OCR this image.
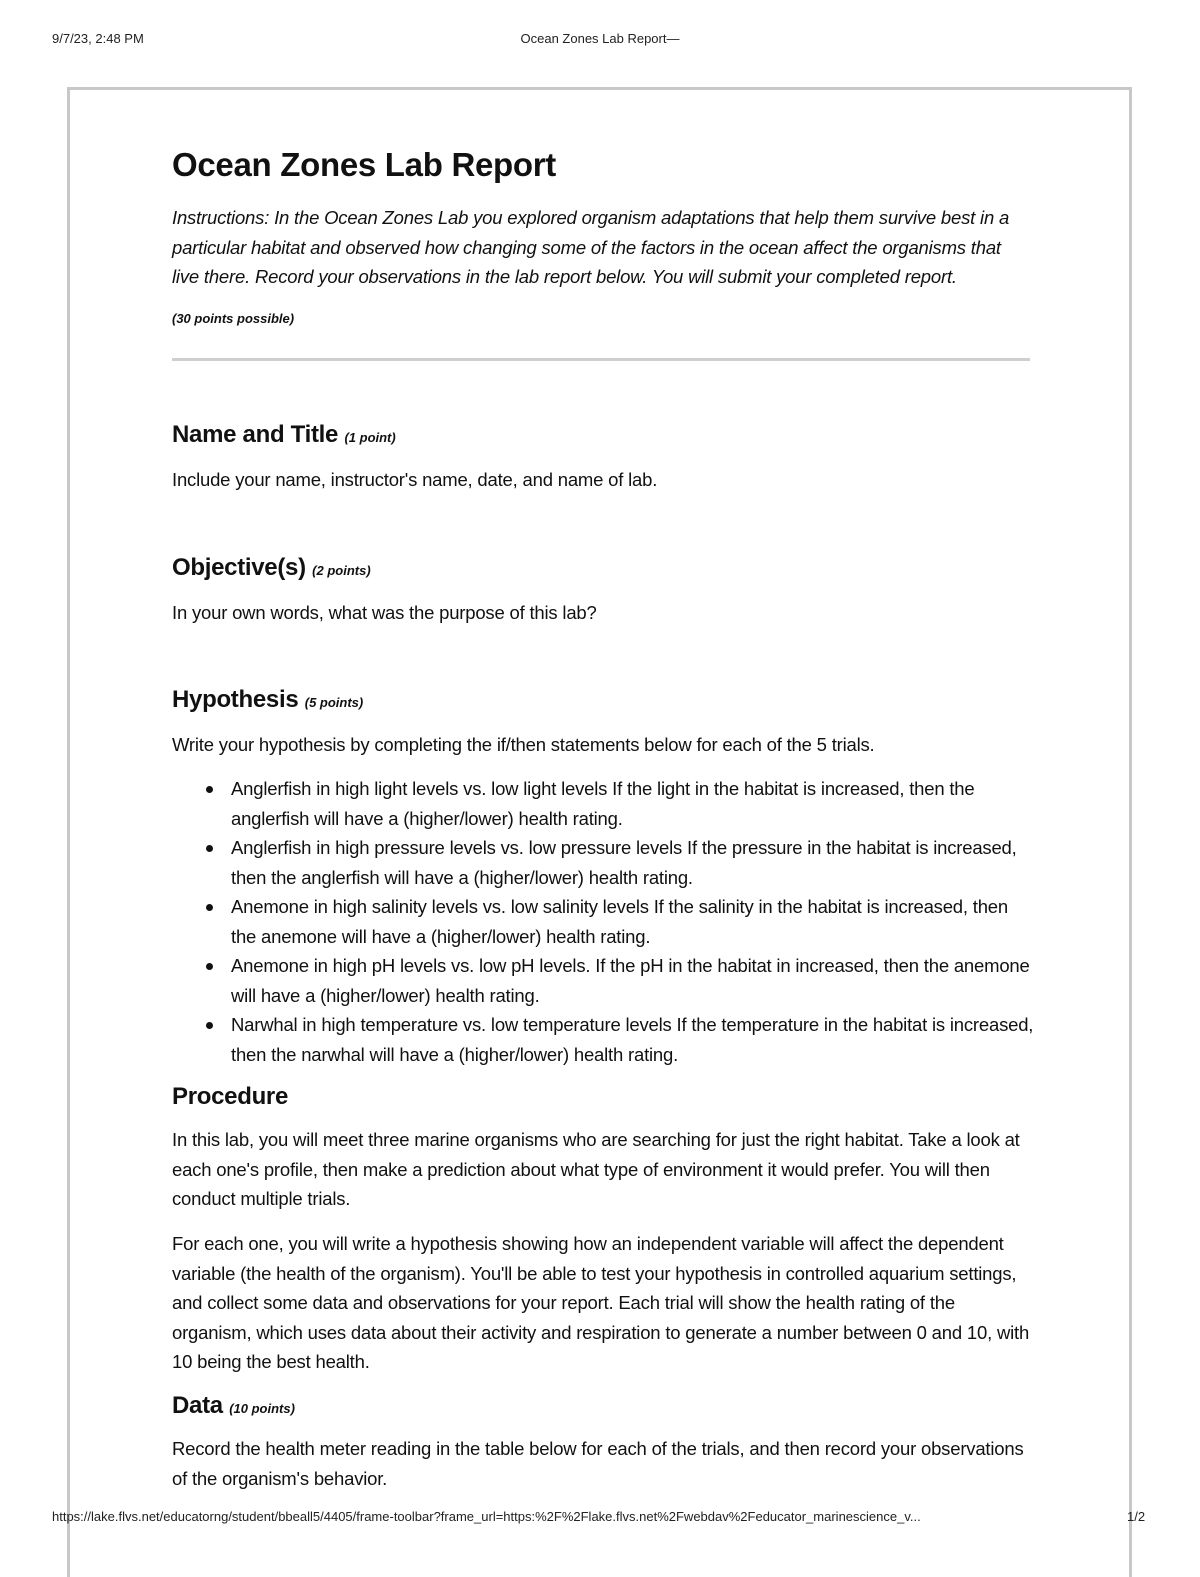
9/7/23, 2:48 PM	Ocean Zones Lab Report—
Ocean Zones Lab Report

Instructions: In the Ocean Zones Lab you explored organism adaptations that help them survive best in a particular habitat and observed how changing some of the factors in the ocean affect the organisms that live there. Record your observations in the lab report below. You will submit your completed report.

(30 points possible)

Name and Title (1 point)

Include your name, instructor's name, date, and name of lab.

Objective(s) (2 points)

In your own words, what was the purpose of this lab?

Hypothesis (5 points)

Write your hypothesis by completing the if/then statements below for each of the 5 trials.

Anglerfish in high light levels vs. low light levels If the light in the habitat is increased, then the anglerfish will have a (higher/lower) health rating.
Anglerfish in high pressure levels vs. low pressure levels If the pressure in the habitat is increased, then the anglerfish will have a (higher/lower) health rating.
Anemone in high salinity levels vs. low salinity levels If the salinity in the habitat is increased, then the anemone will have a (higher/lower) health rating.
Anemone in high pH levels vs. low pH levels. If the pH in the habitat in increased, then the anemone will have a (higher/lower) health rating.
Narwhal in high temperature vs. low temperature levels If the temperature in the habitat is increased, then the narwhal will have a (higher/lower) health rating.
Procedure

In this lab, you will meet three marine organisms who are searching for just the right habitat. Take a look at each one's profile, then make a prediction about what type of environment it would prefer. You will then conduct multiple trials.

For each one, you will write a hypothesis showing how an independent variable will affect the dependent variable (the health of the organism). You'll be able to test your hypothesis in controlled aquarium settings, and collect some data and observations for your report. Each trial will show the health rating of the organism, which uses data about their activity and respiration to generate a number between 0 and 10, with 10 being the best health.

Data (10 points)

Record the health meter reading in the table below for each of the trials, and then record your observations of the organism's behavior.

https://lake.flvs.net/educatorng/student/bbeall5/4405/frame-toolbar?frame_url=https:%2F%2Flake.flvs.net%2Fwebdav%2Feducator_marinescience_v...	1/2
